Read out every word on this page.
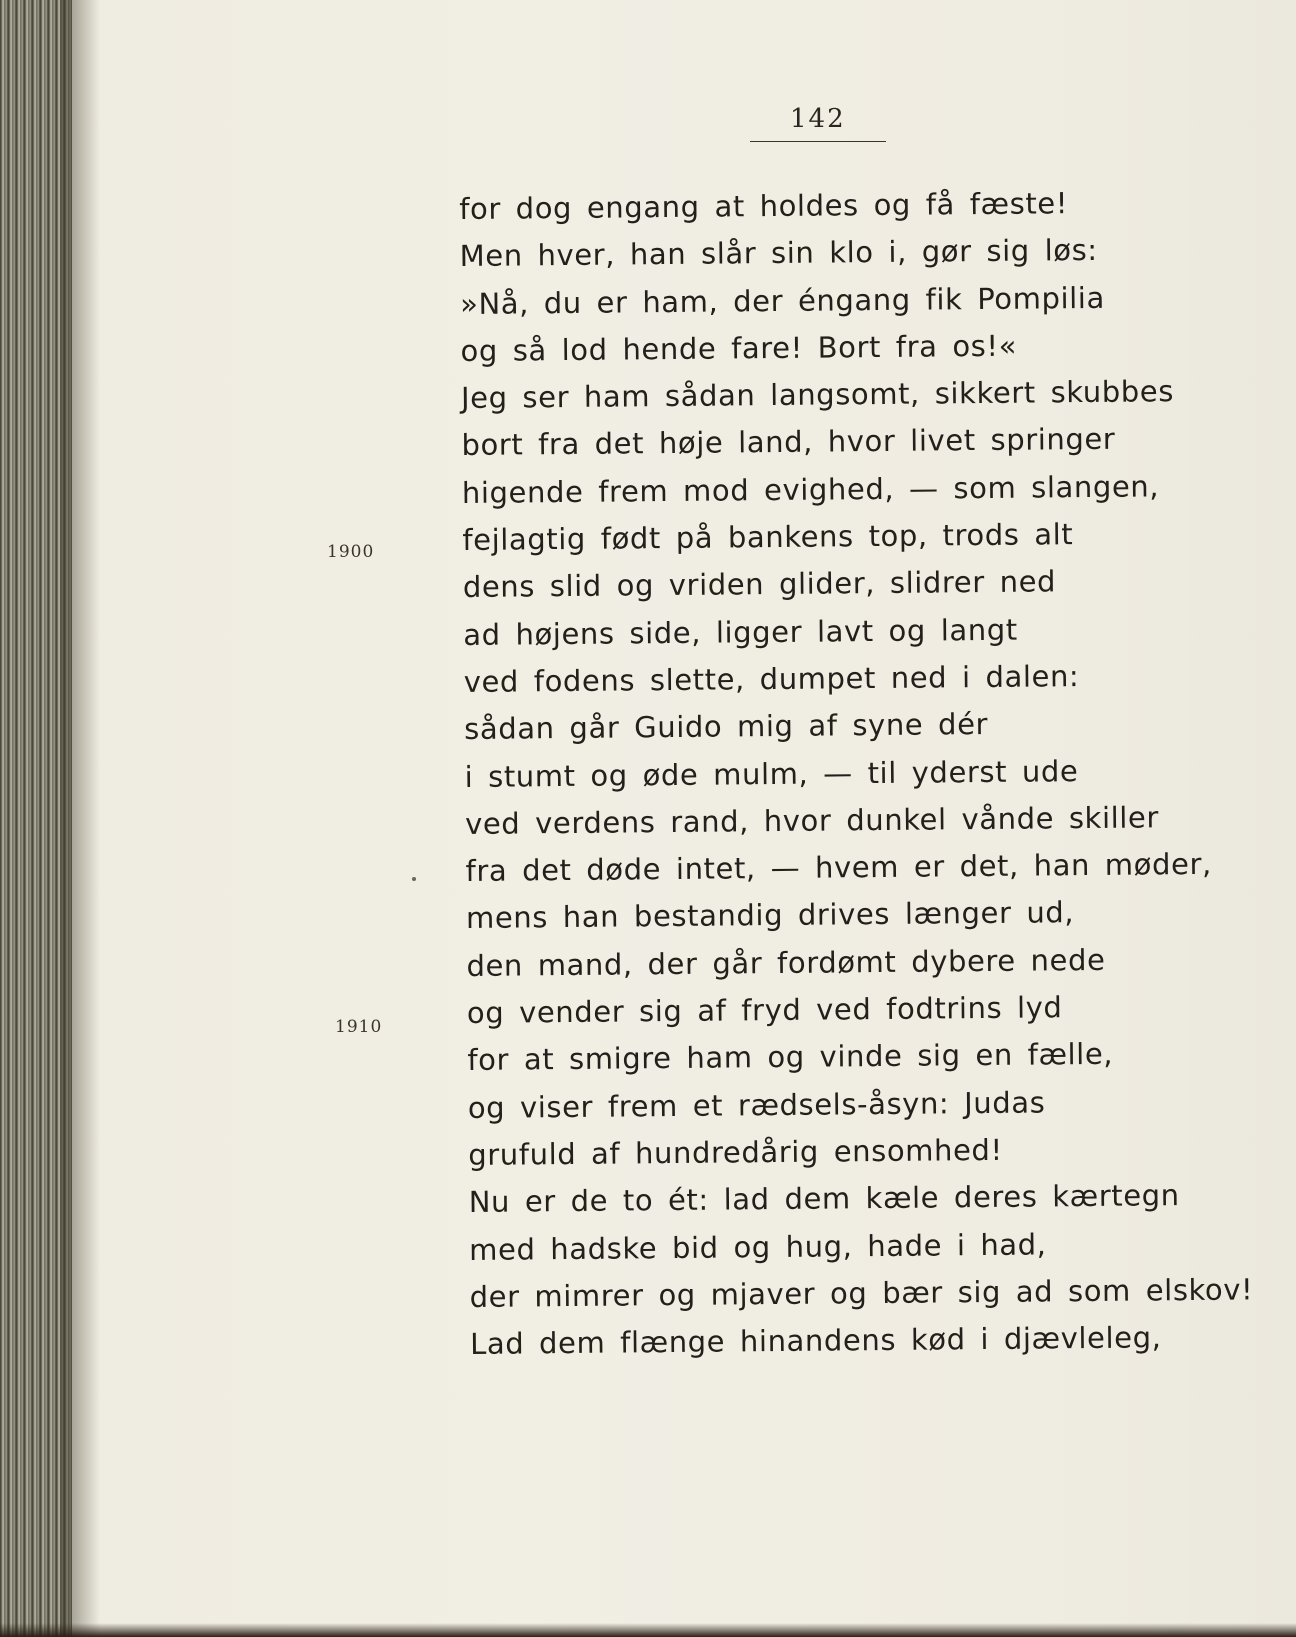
142
1900
1910
for dog engang at holdes og få fæste!
Men hver, han slår sin klo i, gør sig løs:
»Nå, du er ham, der éngang fik Pompilia
og så lod hende fare! Bort fra os!«
Jeg ser ham sådan langsomt, sikkert skubbes
bort fra det høje land, hvor livet springer
higende frem mod evighed, — som slangen,
fejlagtig født på bankens top, trods alt
dens slid og vriden glider, slidrer ned
ad højens side, ligger lavt og langt
ved fodens slette, dumpet ned i dalen:
sådan går Guido mig af syne dér
i stumt og øde mulm, — til yderst ude
ved verdens rand, hvor dunkel vånde skiller
fra det døde intet, — hvem er det, han møder,
mens han bestandig drives længer ud,
den mand, der går fordømt dybere nede
og vender sig af fryd ved fodtrins lyd
for at smigre ham og vinde sig en fælle,
og viser frem et rædsels-åsyn: Judas
grufuld af hundredårig ensomhed!
Nu er de to ét: lad dem kæle deres kærtegn
med hadske bid og hug, hade i had,
der mimrer og mjaver og bær sig ad som elskov!
Lad dem flænge hinandens kød i djævleleg,
